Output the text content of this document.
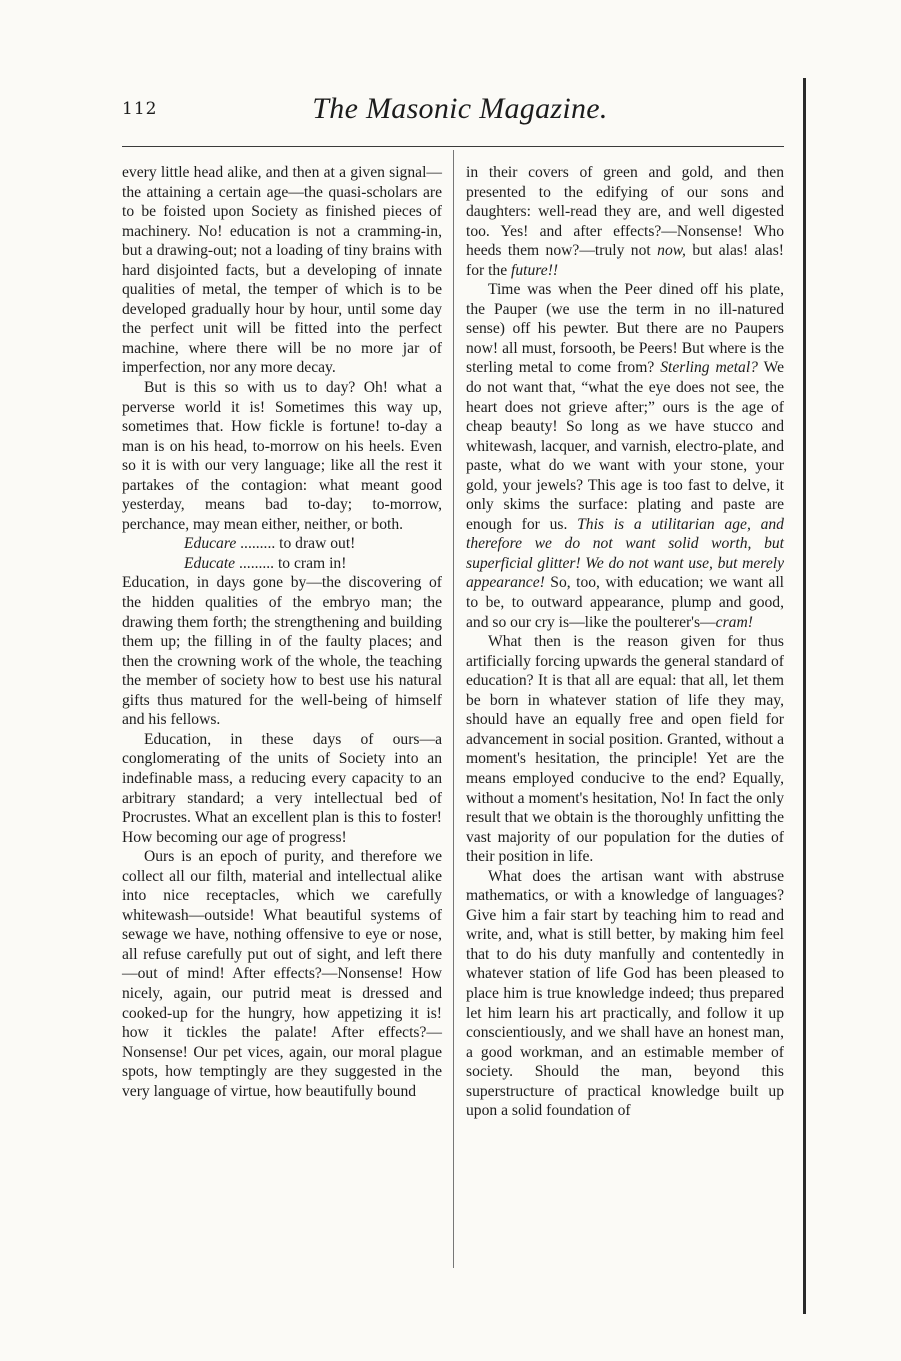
112	The Masonic Magazine.

every little head alike, and then at a given signal—the attaining a certain age—the quasi-scholars are to be foisted upon Society as finished pieces of machinery. No! education is not a cramming-in, but a drawing-out; not a loading of tiny brains with hard disjointed facts, but a developing of innate qualities of metal, the temper of which is to be developed gradually hour by hour, until some day the perfect unit will be fitted into the perfect machine, where there will be no more jar of imperfection, nor any more decay.

But is this so with us to day? Oh! what a perverse world it is! Sometimes this way up, sometimes that. How fickle is fortune! to-day a man is on his head, to-morrow on his heels. Even so it is with our very language; like all the rest it partakes of the contagion: what meant good yesterday, means bad to-day; to-morrow, perchance, may mean either, neither, or both.

Educare ......... to draw out!

Educate ......... to cram in!

Education, in days gone by—the discovering of the hidden qualities of the embryo man; the drawing them forth; the strengthening and building them up; the filling in of the faulty places; and then the crowning work of the whole, the teaching the member of society how to best use his natural gifts thus matured for the well-being of himself and his fellows.

Education, in these days of ours—a conglomerating of the units of Society into an indefinable mass, a reducing every capacity to an arbitrary standard; a very intellectual bed of Procrustes. What an excellent plan is this to foster! How becoming our age of progress!

Ours is an epoch of purity, and therefore we collect all our filth, material and intellectual alike into nice receptacles, which we carefully whitewash—outside! What beautiful systems of sewage we have, nothing offensive to eye or nose, all refuse carefully put out of sight, and left there—out of mind! After effects?—Nonsense! How nicely, again, our putrid meat is dressed and cooked-up for the hungry, how appetizing it is! how it tickles the palate! After effects?—Nonsense! Our pet vices, again, our moral plague spots, how temptingly are they suggested in the very language of virtue, how beautifully bound

in their covers of green and gold, and then presented to the edifying of our sons and daughters: well-read they are, and well digested too. Yes! and after effects?—Nonsense! Who heeds them now?—truly not now, but alas! alas! for the future!!

Time was when the Peer dined off his plate, the Pauper (we use the term in no ill-natured sense) off his pewter. But there are no Paupers now! all must, forsooth, be Peers! But where is the sterling metal to come from? Sterling metal? We do not want that, “what the eye does not see, the heart does not grieve after;” ours is the age of cheap beauty! So long as we have stucco and whitewash, lacquer, and varnish, electro-plate, and paste, what do we want with your stone, your gold, your jewels? This age is too fast to delve, it only skims the surface: plating and paste are enough for us. This is a utilitarian age, and therefore we do not want solid worth, but superficial glitter! We do not want use, but merely appearance! So, too, with education; we want all to be, to outward appearance, plump and good, and so our cry is—like the poulterer's—cram!

What then is the reason given for thus artificially forcing upwards the general standard of education? It is that all are equal: that all, let them be born in whatever station of life they may, should have an equally free and open field for advancement in social position. Granted, without a moment's hesitation, the principle! Yet are the means employed conducive to the end? Equally, without a moment's hesitation, No! In fact the only result that we obtain is the thoroughly unfitting the vast majority of our population for the duties of their position in life.

What does the artisan want with abstruse mathematics, or with a knowledge of languages? Give him a fair start by teaching him to read and write, and, what is still better, by making him feel that to do his duty manfully and contentedly in whatever station of life God has been pleased to place him is true knowledge indeed; thus prepared let him learn his art practically, and follow it up conscientiously, and we shall have an honest man, a good workman, and an estimable member of society. Should the man, beyond this superstructure of practical knowledge built up upon a solid foundation of
